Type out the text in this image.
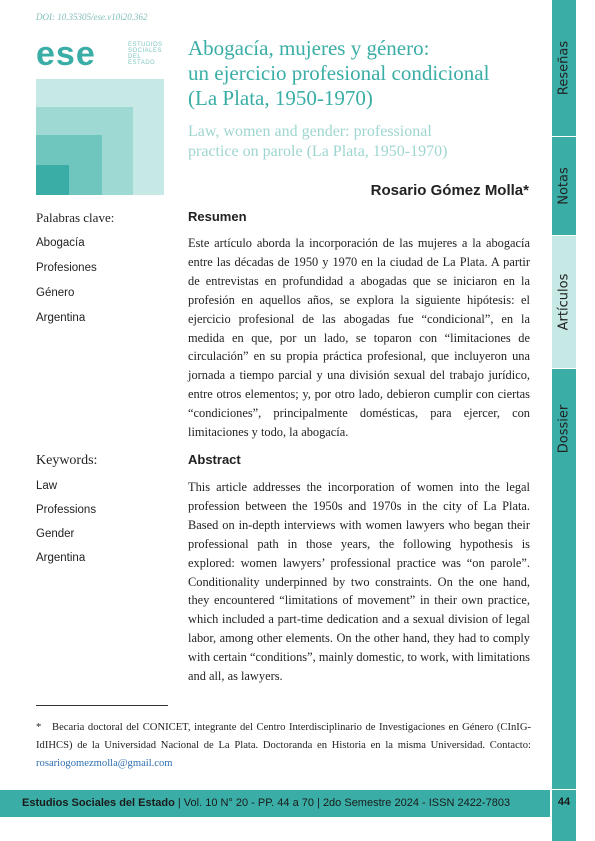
DOI: 10.35305/ese.v10i20.362
ese	ESTUDIOS
SOCIALES
DEL
ESTADO
Abogacía, mujeres y género:
un ejercicio profesional condicional
(La Plata, 1950-1970)
Law, women and gender: professional
practice on parole (La Plata, 1950-1970)
Rosario Gómez Molla*
Palabras clave:
Abogacía
Profesiones
Género
Argentina
Keywords:
Law
Professions
Gender
Argentina
Resumen

Este artículo aborda la incorporación de las mujeres a la abogacía entre las décadas de 1950 y 1970 en la ciudad de La Plata. A partir de entrevistas en profundidad a abogadas que se iniciaron en la profesión en aquellos años, se explora la siguiente hipótesis: el ejercicio profesional de las abogadas fue “condicional”, en la medida en que, por un lado, se toparon con “limitaciones de circulación” en su propia práctica profesional, que incluyeron una jornada a tiempo parcial y una división sexual del trabajo jurídico, entre otros elementos; y, por otro lado, debieron cumplir con ciertas “condiciones”, principalmente domésticas, para ejercer, con limitaciones y todo, la abogacía.

Abstract

This article addresses the incorporation of women into the legal profession between the 1950s and 1970s in the city of La Plata. Based on in-depth interviews with women lawyers who began their professional path in those years, the following hypothesis is explored: women lawyers’ professional practice was “on parole”. Conditionality underpinned by two constraints. On the one hand, they encountered “limitations of movement” in their own practice, which included a part-time dedication and a sexual division of legal labor, among other elements. On the other hand, they had to comply with certain “conditions”, mainly domestic, to work, with limitations and all, as lawyers.

* Becaria doctoral del CONICET, integrante del Centro Interdisciplinario de Investigaciones en Género (CInIG-IdIHCS) de la Universidad Nacional de La Plata. Doctoranda en Historia en la misma Universidad. Contacto: rosariogomezmolla@gmail.com

Estudios Sociales del Estado | Vol. 10 N° 20 - PP. 44 a 70 | 2do Semestre 2024 - ISSN 2422-7803
Reseñas
Notas
Artículos
Dossier
44
